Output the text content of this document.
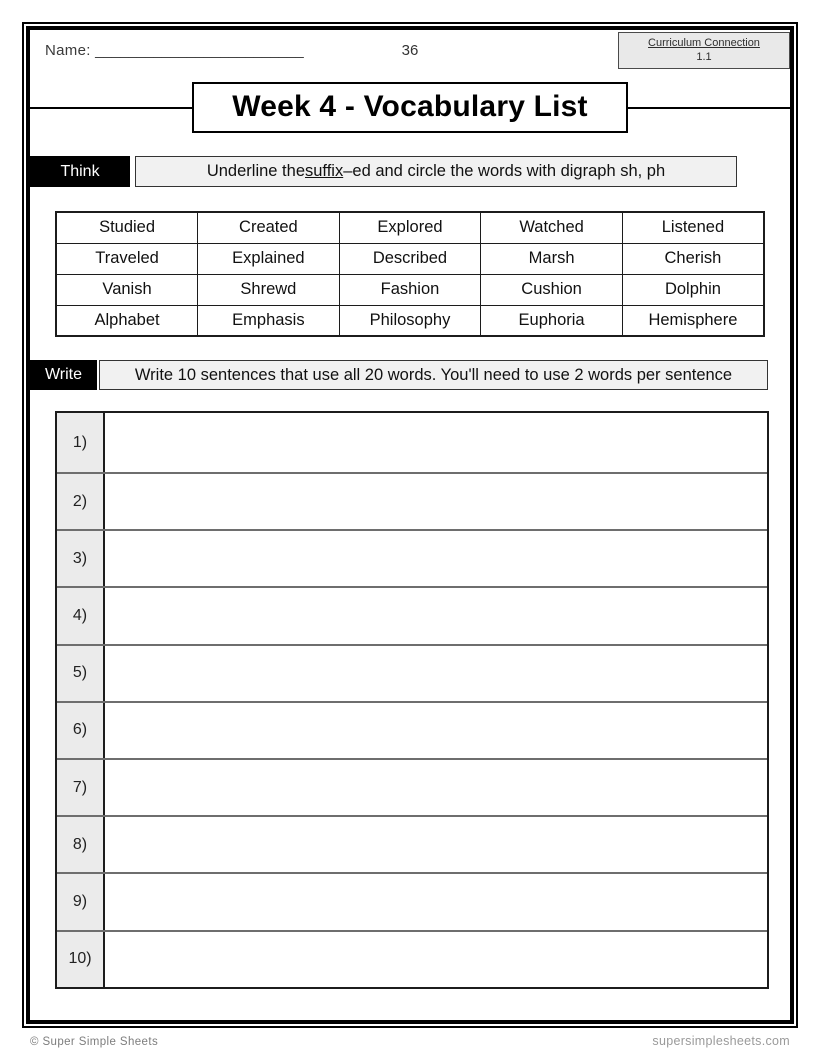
Name: _________________________	36	Curriculum Connection
1.1
Week 4 - Vocabulary List
Think	Underline the suffix –ed and circle the words with digraph sh, ph
Studied	Created	Explored	Watched	Listened
Traveled	Explained	Described	Marsh	Cherish
Vanish	Shrewd	Fashion	Cushion	Dolphin
Alphabet	Emphasis	Philosophy	Euphoria	Hemisphere
Write	Write 10 sentences that use all 20 words. You'll need to use 2 words per sentence
1)
2)
3)
4)
5)
6)
7)
8)
9)
10)
© Super Simple Sheets	supersimplesheets.com
